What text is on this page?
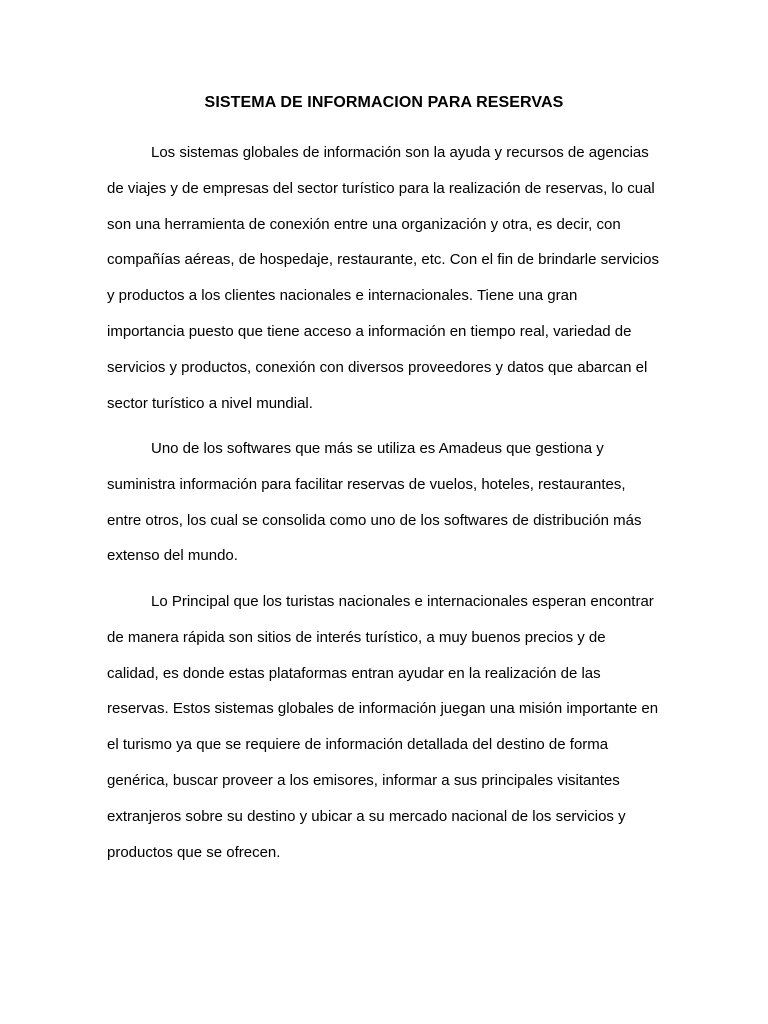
SISTEMA DE INFORMACION PARA RESERVAS
Los sistemas globales de información son la ayuda y recursos de agencias
de viajes y de empresas del sector turístico para la realización de reservas, lo cual
son una herramienta de conexión entre una organización y otra, es decir, con
compañías aéreas, de hospedaje, restaurante, etc. Con el fin de brindarle servicios
y productos a los clientes nacionales e internacionales. Tiene una gran
importancia puesto que tiene acceso a información en tiempo real, variedad de
servicios y productos, conexión con diversos proveedores y datos que abarcan el
sector turístico a nivel mundial.
Uno de los softwares que más se utiliza es Amadeus que gestiona y
suministra información para facilitar reservas de vuelos, hoteles, restaurantes,
entre otros, los cual se consolida como uno de los softwares de distribución más
extenso del mundo.
Lo Principal que los turistas nacionales e internacionales esperan encontrar
de manera rápida son sitios de interés turístico, a muy buenos precios y de
calidad, es donde estas plataformas entran ayudar en la realización de las
reservas. Estos sistemas globales de información juegan una misión importante en
el turismo ya que se requiere de información detallada del destino de forma
genérica, buscar proveer a los emisores, informar a sus principales visitantes
extranjeros sobre su destino y ubicar a su mercado nacional de los servicios y
productos que se ofrecen.
